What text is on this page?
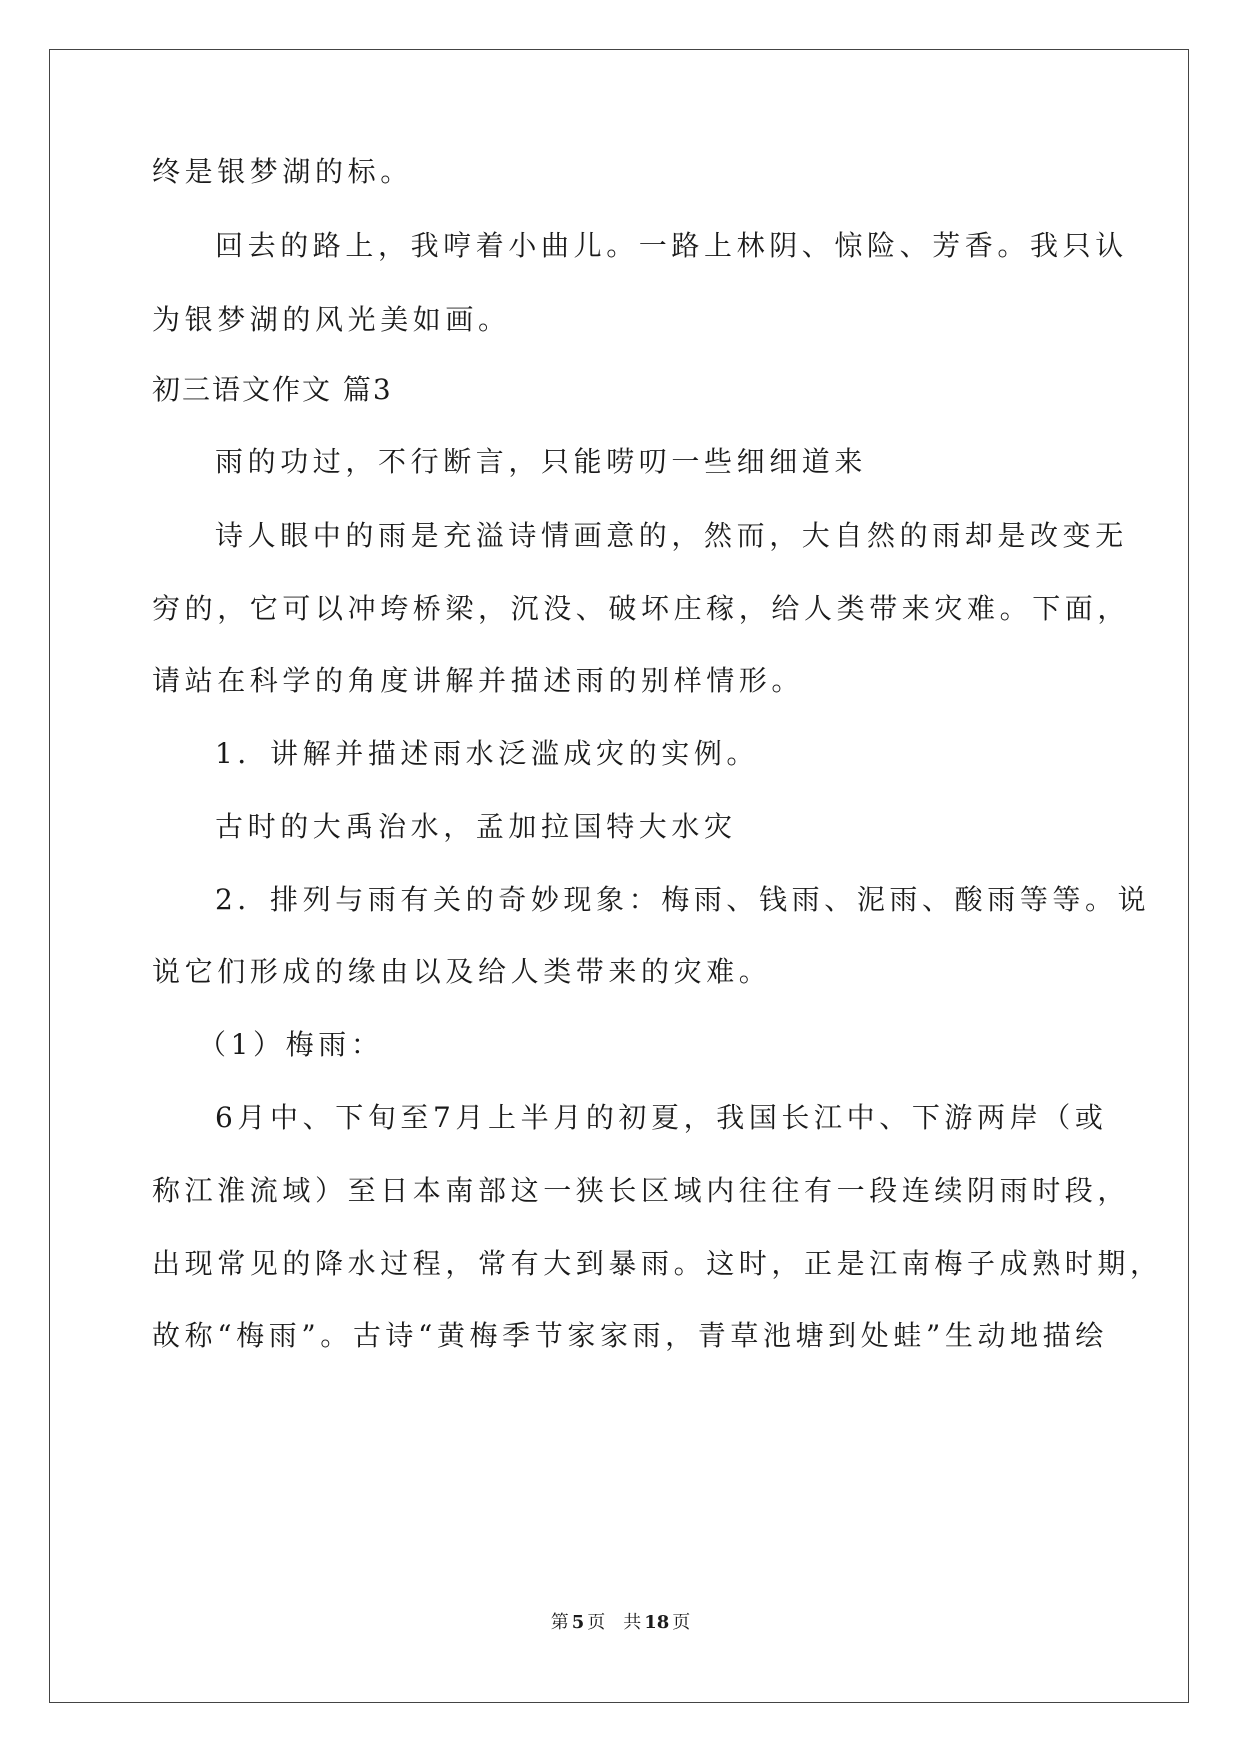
终是银梦湖的标。
回去的路上，我哼着小曲儿。一路上林阴、惊险、芳香。我只认
为银梦湖的风光美如画。
初三语文作文 篇3
雨的功过，不行断言，只能唠叨一些细细道来
诗人眼中的雨是充溢诗情画意的，然而，大自然的雨却是改变无
穷的，它可以冲垮桥梁，沉没、破坏庄稼，给人类带来灾难。下面，
请站在科学的角度讲解并描述雨的别样情形。
1．讲解并描述雨水泛滥成灾的实例。
古时的大禹治水，孟加拉国特大水灾
2．排列与雨有关的奇妙现象：梅雨、钱雨、泥雨、酸雨等等。说
说它们形成的缘由以及给人类带来的灾难。
（1）梅雨：
6月中、下旬至7月上半月的初夏，我国长江中、下游两岸（或
称江淮流域）至日本南部这一狭长区域内往往有一段连续阴雨时段，
出现常见的降水过程，常有大到暴雨。这时，正是江南梅子成熟时期，
故称“梅雨”。古诗“黄梅季节家家雨，青草池塘到处蛙”生动地描绘
第 5 页 共 18 页
